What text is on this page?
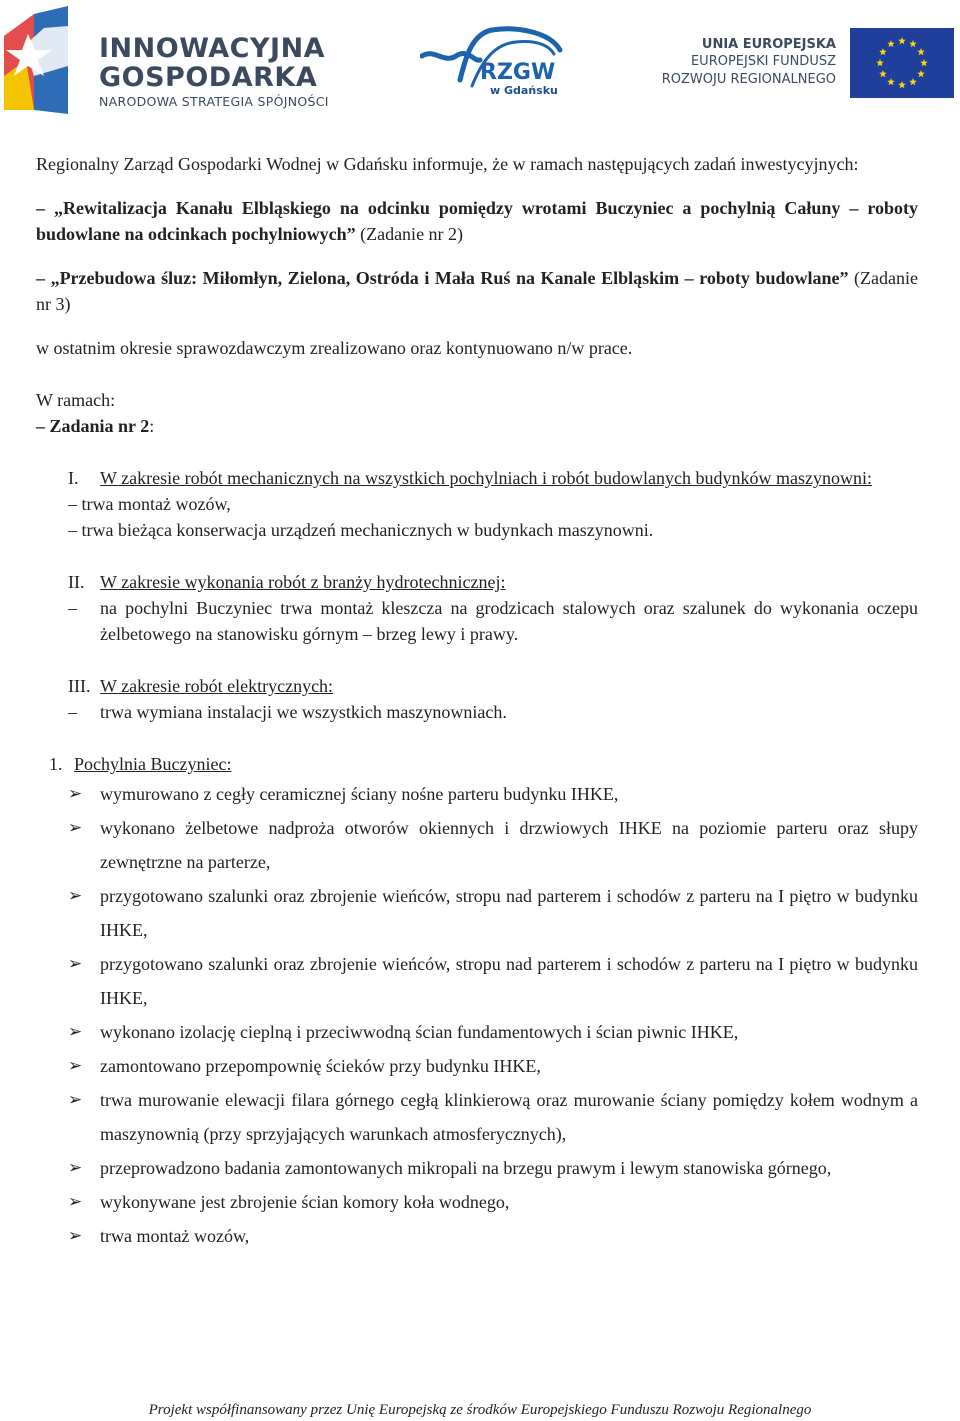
INNOWACYJNA
GOSPODARKA
NARODOWA STRATEGIA SPÓJNOŚCI
RZGW
w Gdańsku
UNIA EUROPEJSKA
EUROPEJSKI FUNDUSZ
ROZWOJU REGIONALNEGO

Regionalny Zarząd Gospodarki Wodnej w Gdańsku informuje, że w ramach następujących zadań inwestycyjnych:

– „Rewitalizacja Kanału Elbląskiego na odcinku pomiędzy wrotami Buczyniec a pochylnią Całuny – roboty budowlane na odcinkach pochylniowych” (Zadanie nr 2)

– „Przebudowa śluz: Miłomłyn, Zielona, Ostróda i Mała Ruś na Kanale Elbląskim – roboty budowlane” (Zadanie nr 3)

w ostatnim okresie sprawozdawczym zrealizowano oraz kontynuowano n/w prace.

W ramach:

– Zadania nr 2:

I. W zakresie robót mechanicznych na wszystkich pochylniach i robót budowlanych budynków maszynowni:
– trwa montaż wozów,
– trwa bieżąca konserwacja urządzeń mechanicznych w budynkach maszynowni.
II. W zakresie wykonania robót z branży hydrotechnicznej:
– na pochylni Buczyniec trwa montaż kleszcza na grodzicach stalowych oraz szalunek do wykonania oczepu żelbetowego na stanowisku górnym – brzeg lewy i prawy.
III. W zakresie robót elektrycznych:
– trwa wymiana instalacji we wszystkich maszynowniach.
1. Pochylnia Buczyniec:
➢ wymurowano z cegły ceramicznej ściany nośne parteru budynku IHKE,
➢ wykonano żelbetowe nadproża otworów okiennych i drzwiowych IHKE na poziomie parteru oraz słupy zewnętrzne na parterze,
➢ przygotowano szalunki oraz zbrojenie wieńców, stropu nad parterem i schodów z parteru na I piętro w budynku IHKE,
➢ przygotowano szalunki oraz zbrojenie wieńców, stropu nad parterem i schodów z parteru na I piętro w budynku IHKE,
➢ wykonano izolację cieplną i przeciwwodną ścian fundamentowych i ścian piwnic IHKE,
➢ zamontowano przepompownię ścieków przy budynku IHKE,
➢ trwa murowanie elewacji filara górnego cegłą klinkierową oraz murowanie ściany pomiędzy kołem wodnym a maszynownią (przy sprzyjających warunkach atmosferycznych),
➢ przeprowadzono badania zamontowanych mikropali na brzegu prawym i lewym stanowiska górnego,
➢ wykonywane jest zbrojenie ścian komory koła wodnego,
➢ trwa montaż wozów,
Projekt współfinansowany przez Unię Europejską ze środków Europejskiego Funduszu Rozwoju Regionalnego
